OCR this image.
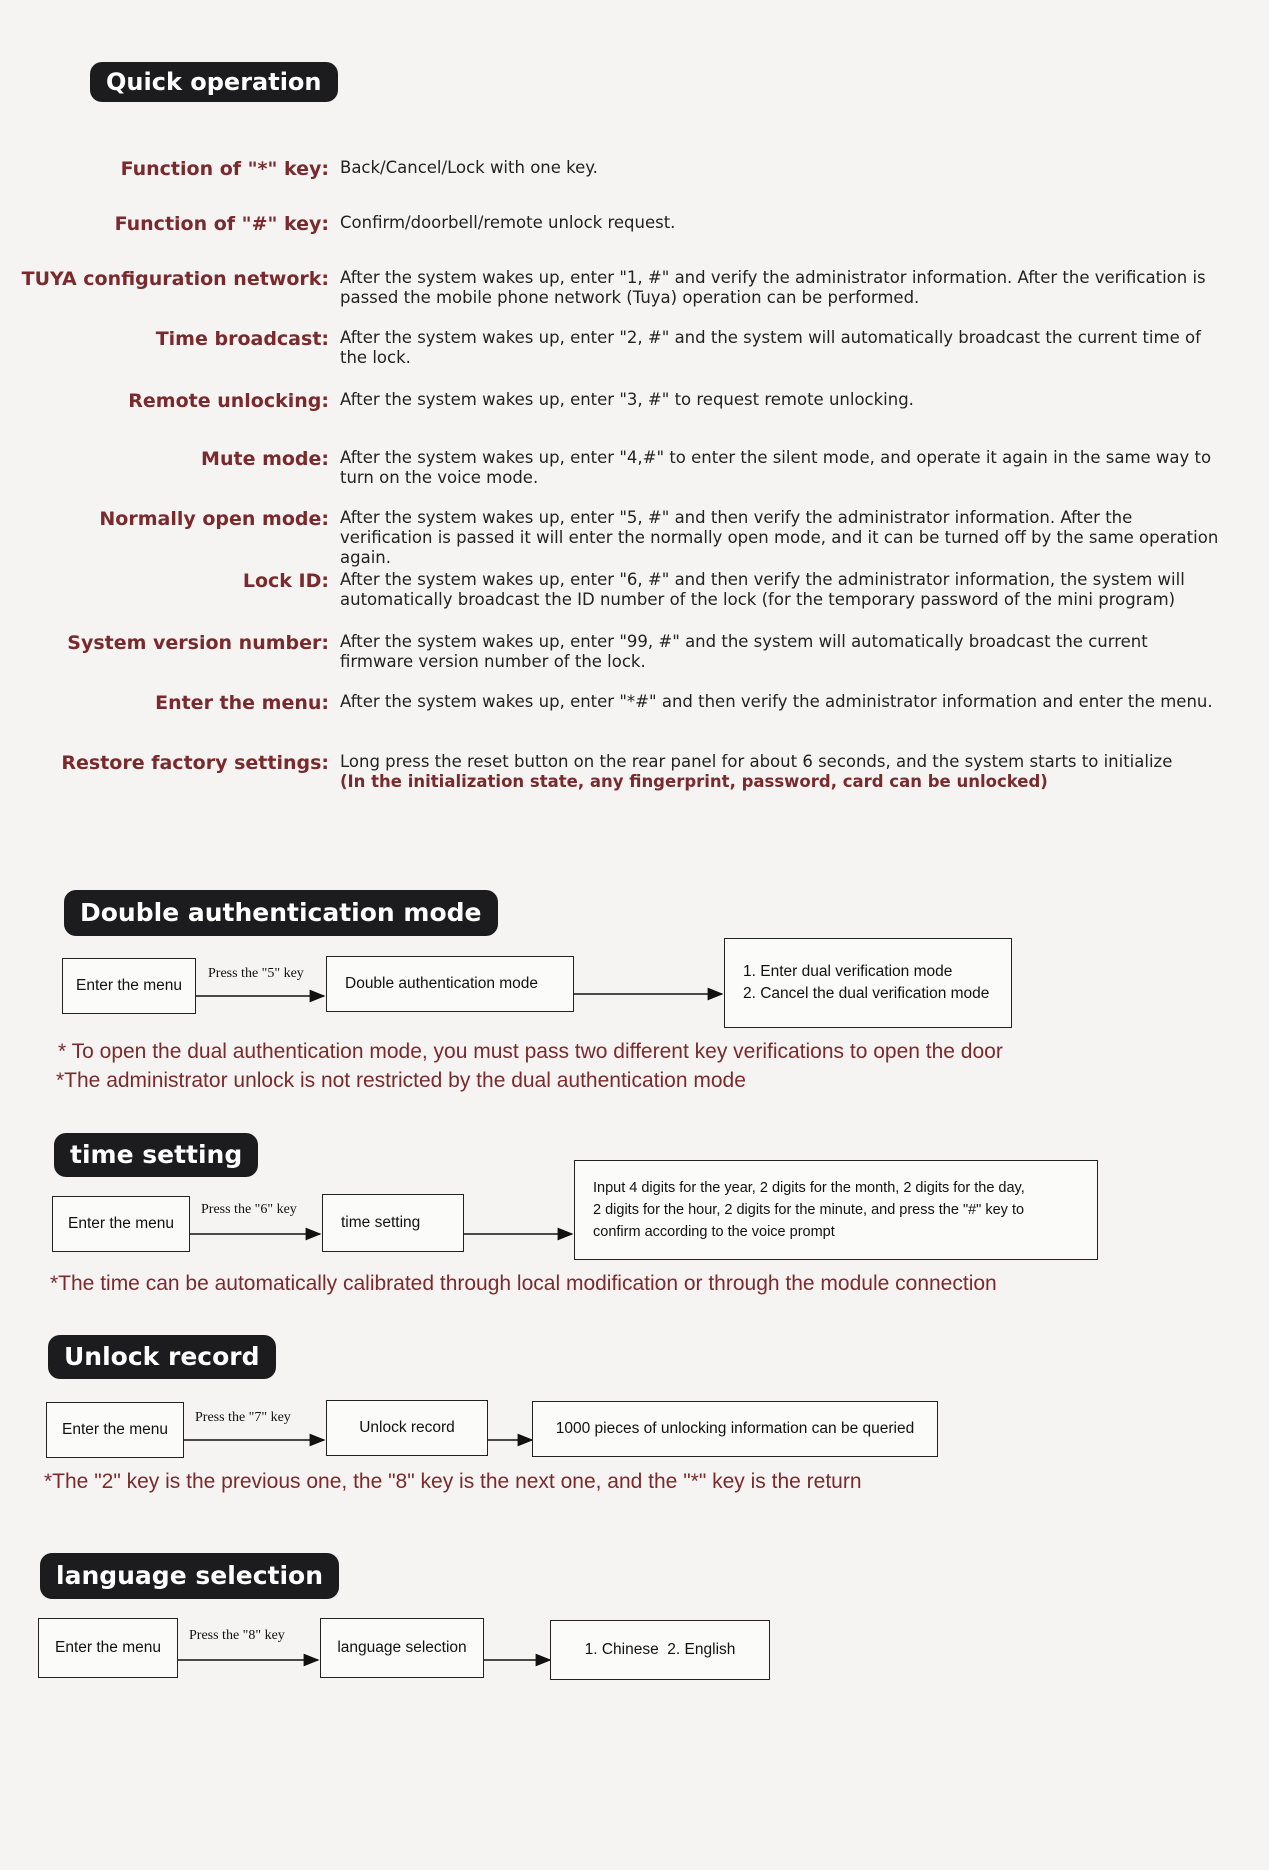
Quick operation
Function of "*" key: Back/Cancel/Lock with one key.
Function of "#" key: Confirm/doorbell/remote unlock request.
TUYA configuration network: After the system wakes up, enter "1, #" and verify the administrator information. After the verification is passed the mobile phone network (Tuya) operation can be performed.
Time broadcast: After the system wakes up, enter "2, #" and the system will automatically broadcast the current time of the lock.
Remote unlocking: After the system wakes up, enter "3, #" to request remote unlocking.
Mute mode: After the system wakes up, enter "4,#" to enter the silent mode, and operate it again in the same way to turn on the voice mode.
Normally open mode: After the system wakes up, enter "5, #" and then verify the administrator information. After the verification is passed it will enter the normally open mode, and it can be turned off by the same operation again.
Lock ID: After the system wakes up, enter "6, #" and then verify the administrator information, the system will automatically broadcast the ID number of the lock (for the temporary password of the mini program)
System version number: After the system wakes up, enter "99, #" and the system will automatically broadcast the current firmware version number of the lock.
Enter the menu: After the system wakes up, enter "*#" and then verify the administrator information and enter the menu.
Restore factory settings: Long press the reset button on the rear panel for about 6 seconds, and the system starts to initialize
(In the initialization state, any fingerprint, password, card can be unlocked)
Double authentication mode
Enter the menu
Press the "5" key
Double authentication mode
1. Enter dual verification mode
2. Cancel the dual verification mode
* To open the dual authentication mode, you must pass two different key verifications to open the door
*The administrator unlock is not restricted by the dual authentication mode
time setting
Enter the menu
Press the "6" key
time setting
Input 4 digits for the year, 2 digits for the month, 2 digits for the day,
2 digits for the hour, 2 digits for the minute, and press the "#" key to
confirm according to the voice prompt
*The time can be automatically calibrated through local modification or through the module connection
Unlock record
Enter the menu
Press the "7" key
Unlock record	1000 pieces of unlocking information can be queried
*The "2" key is the previous one, the "8" key is the next one, and the "*" key is the return
language selection
Enter the menu
Press the "8" key
language selection	1. Chinese  2. English
